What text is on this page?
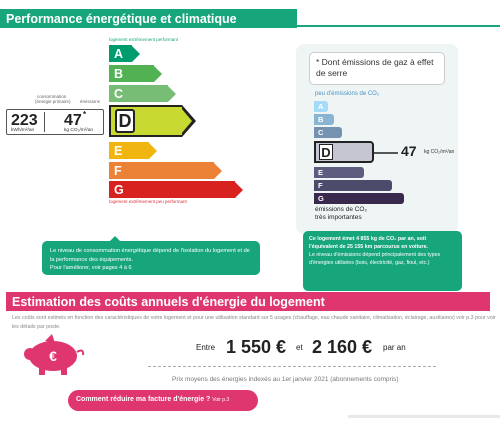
Performance énergétique et climatique
logement extrêmement performant
A
B
C
D
E
F
G
logement extrêmement peu performant
consommation
(énergie primaire) émissions
223
kWh/m²/an
47 *
kg CO₂/m²/an
Le niveau de consommation énergétique dépend de l'isolation du logement et de la performance des équipements.
Pour l'améliorer, voir pages 4 à 6
* Dont émissions de gaz à effet de serre
peu d'émissions de CO₂
A
B
C
D	47 kg CO₂/m²/an
E
F
G
émissions de CO₂
très importantes
Ce logement émet 4 855 kg de CO₂ par an, soit l'équivalent de 25 155 km parcourus en voiture.
Le niveau d'émissions dépend principalement des types d'énergies utilisées (bois, électricité, gaz, fioul, etc.)
Estimation des coûts annuels d'énergie du logement
Les coûts sont estimés en fonction des caractéristiques de votre logement et pour une utilisation standard sur 5 usages (chauffage, eau chaude sanitaire, climatisation, éclairage, auxiliaires) voir p.3 pour voir les détails par poste.
€
Entre 1 550 € et 2 160 € par an
Prix moyens des énergies indexés au 1er janvier 2021 (abonnements compris)
Comment réduire ma facture d'énergie ? Voir p.3
